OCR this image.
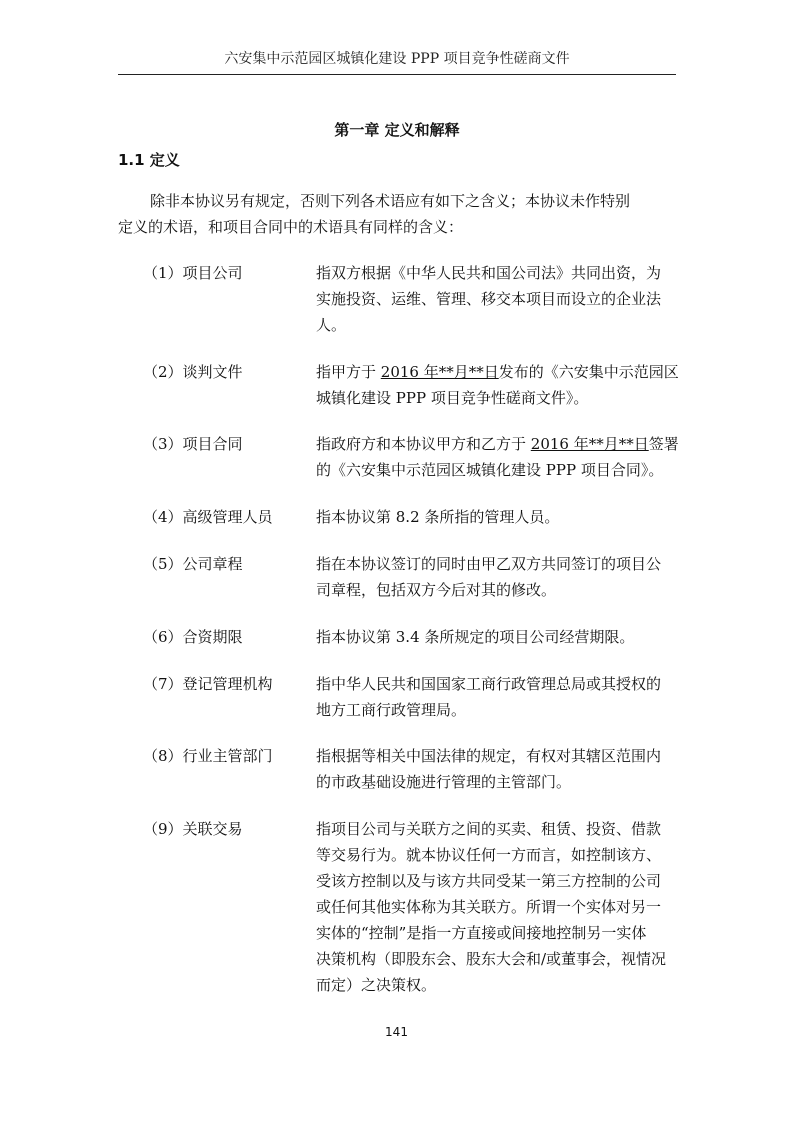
六安集中示范园区城镇化建设 PPP 项目竞争性磋商文件
第一章 定义和解释
1.1 定义

除非本协议另有规定，否则下列各术语应有如下之含义；本协议未作特别

定义的术语，和项目合同中的术语具有同样的含义：

（1）项目公司	指双方根据《中华人民共和国公司法》共同出资，为

实施投资、运维、管理、移交本项目而设立的企业法

人。

（2）谈判文件	指甲方于 2016 年**月**日发布的《六安集中示范园区

城镇化建设 PPP 项目竞争性磋商文件》。

（3）项目合同	指政府方和本协议甲方和乙方于 2016 年**月**日签署

的《六安集中示范园区城镇化建设 PPP 项目合同》。

（4）高级管理人员	指本协议第 8.2 条所指的管理人员。

（5）公司章程	指在本协议签订的同时由甲乙双方共同签订的项目公

司章程，包括双方今后对其的修改。

（6）合资期限	指本协议第 3.4 条所规定的项目公司经营期限。

（7）登记管理机构	指中华人民共和国国家工商行政管理总局或其授权的

地方工商行政管理局。

（8）行业主管部门	指根据等相关中国法律的规定，有权对其辖区范围内

的市政基础设施进行管理的主管部门。

（9）关联交易	指项目公司与关联方之间的买卖、租赁、投资、借款

等交易行为。就本协议任何一方而言，如控制该方、

受该方控制以及与该方共同受某一第三方控制的公司

或任何其他实体称为其关联方。所谓一个实体对另一

实体的“控制”是指一方直接或间接地控制另一实体

决策机构（即股东会、股东大会和/或董事会，视情况

而定）之决策权。

141
